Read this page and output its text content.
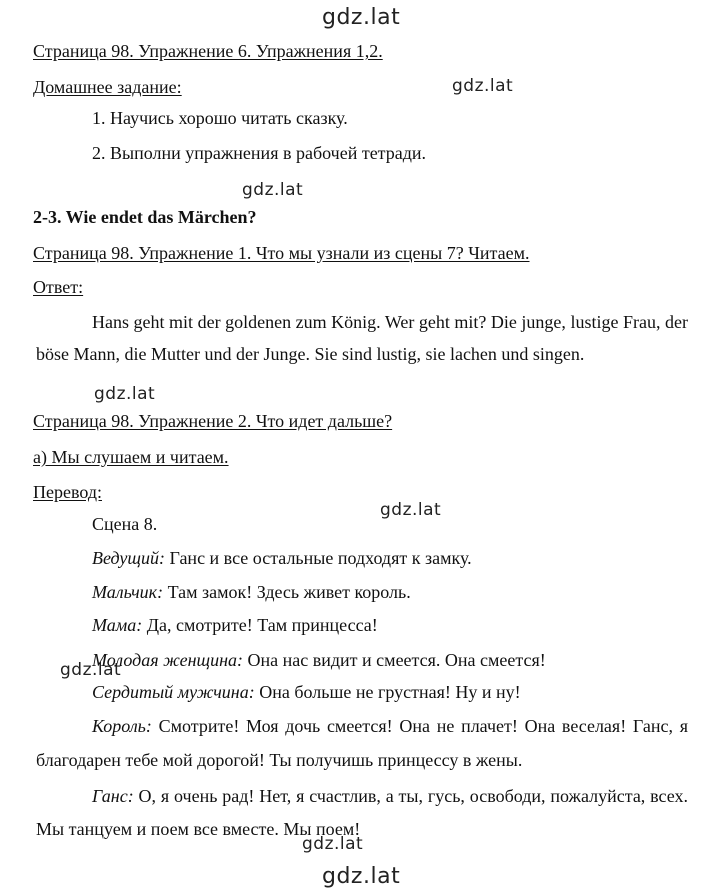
gdz.lat
gdz.lat
gdz.lat
gdz.lat
gdz.lat
gdz.lat
gdz.lat
gdz.lat
Страница 98. Упражнение 6. Упражнения 1,2.
Домашнее задание:
1. Научись хорошо читать сказку.
2. Выполни упражнения в рабочей тетради.
2-3. Wie endet das Märchen?
Страница 98. Упражнение 1. Что мы узнали из сцены 7? Читаем.
Ответ:
Hans geht mit der goldenen zum König. Wer geht mit? Die junge, lustige Frau, der böse Mann, die Mutter und der Junge. Sie sind lustig, sie lachen und singen.
Страница 98. Упражнение 2. Что идет дальше?
а) Мы слушаем и читаем.
Перевод:
Сцена 8.
Ведущий: Ганс и все остальные подходят к замку.
Мальчик: Там замок! Здесь живет король.
Мама: Да, смотрите! Там принцесса!
Молодая женщина: Она нас видит и смеется. Она смеется!
Сердитый мужчина: Она больше не грустная! Ну и ну!
Король: Смотрите! Моя дочь смеется! Она не плачет! Она веселая! Ганс, я благодарен тебе мой дорогой! Ты получишь принцессу в жены.
Ганс: О, я очень рад! Нет, я счастлив, а ты, гусь, освободи, пожалуйста, всех. Мы танцуем и поем все вместе. Мы поем!
